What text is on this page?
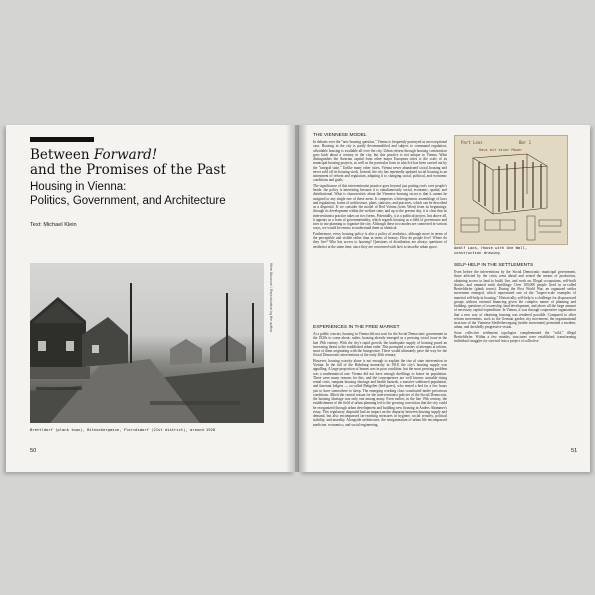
Between Forward!
and the Promises of the Past
Housing in Vienna:
Politics, Government, and Architecture
Text: Michael Klein
Wien Museum / Reproduction by the author
Brettldorf (plank town), Bitnackergasse, Floridsdorf (21st district), around 1920
50
THE VIENNESE MODEL

In debates over the "new housing question," Vienna is frequently portrayed as an exceptional case. Housing in the city is partly decommodified and subject to communal regulation; affordable housing is available all over the city. Urban reform through housing construction goes back about a century in the city, but this practice is not unique to Vienna. What distinguishes the Austrian capital from other major European cities is the scale of its municipal housing projects, as well as the particular form in which it has been carried out by the "integral state." Unlike many other cities, Vienna never abandoned social housing and never sold off its housing stock. Instead, the city has repeatedly updated social housing as an instrument of reform and regulation, adapting it to changing social, political, and economic conditions and goals.

The significance of this interventionist practice goes beyond just putting roofs over people's heads: the policy is interesting because it is simultaneously social, economic, spatial, and distributional. What is characteristic about the Viennese housing sector is that it cannot be assigned to any single one of these areas. It comprises a heterogeneous assemblage of laws and regulations, forms of architecture, plans, statistics, and practices, which can be described as a dispositif. If we consider the model of Red Vienna (rotes Wien) from its beginnings, through its development within the welfare state, and up to the present day, it is clear that its interventionist practice takes on two forms. Potentially, it is a political project, but above all, it appears as a form of governmentality, which regards housing as a field of governance and tries to use planning to organize the city. Although these two modes are connected in various ways, we would be remiss to understand them as identical.

Furthermore, every housing policy is also a policy of aesthetics, although more in terms of the perceptible and visible rather than in terms of beauty: How do people live? Where do they live? Who has access to housing? Questions of distribution are always questions of aesthetics at the same time, since they are concerned with how to inscribe urban space.

EXPERIENCES IN THE FREE MARKET

At a public concert, housing in Vienna did not wait for the Social Democratic government in the 1920s to come about; rather, housing already emerged as a pressing social issue in the late 19th century. With the city's rapid growth, the inadequate supply of housing posed an increasing threat to the established urban order. This prompted a series of attempts at reform, most of them originating with the bourgeoisie. These would ultimately pave the way for the Social Democratic interventions of the early 20th century.

However, housing scarcity alone is not enough to explain the rise of state intervention in Vienna. In the fall of the Habsburg monarchy in 1918, the city's housing supply was appalling. A large proportion of homes was in poor condition, but the most pressing problem was a mathematical one: Vienna did not have enough dwellings to house its population. There were many reasons for this, and the consequences are well known: unstable rising rental costs, rampant housing shortage and health hazards, a massive subleased population, and itinerant lodgers — so-called Bettgeher (bed-goers), who rented a bed for a few hours just to have somewhere to sleep. The emerging working class constituted under precarious conditions. Albeit the central reason for the interventionist policies of the Social Democrats, the housing shortage was only one among many. Even earlier, in the late 19th century, the establishment of the field of urban planning led to the growing conviction that the city could be reorganized through urban development and building new housing in Anders Ahammer's essay. This regulatory dispositif had an impact on the disparity between housing supply and demand, but also encompassed far-reaching measures in hygiene, social security, political stability, and morality. Alongside architecture, the reorganization of urban life encompassed medicine, economics, and social engineering.

Part Loos	Bmr 1
Haus mit einer Mauer
Adolf Loos, House with One Wall,
construction drawing
SELF-HELP IN THE SETTLEMENTS

Even before the interventions by the Social Democratic municipal government, those affected by the crisis went ahead and seized the means of production, obtaining access to land to build, live, and work on. Illegal occupations, self-built shacks, and rammed earth dwellings: Over 100,000 people lived in so-called Bretteldörfer (plank towns). During the First World War, an organized settler movement emerged, which represented one of the "largest-scale examples of material self-help in housing." Historically, self-help is a challenge for dispossessed groups without external financing given the complex nature of planning and building, questions of ownership, land development, and above all the large amount of necessary capital expenditure. In Vienna, it was through cooperative organization that a new way of obtaining housing was rendered possible. Compared to other reform movements, such as the German garden city movement, the organizational structure of the Viennese Siedlerbewegung (settler movement) permitted a modern, urban, and decidedly progressive vision.

Soon collective settlement typologies complemented the "wild," illegal Bretteldörfer. Within a few months, structures were established, transforming individual struggles for survival into a project of collective

51
